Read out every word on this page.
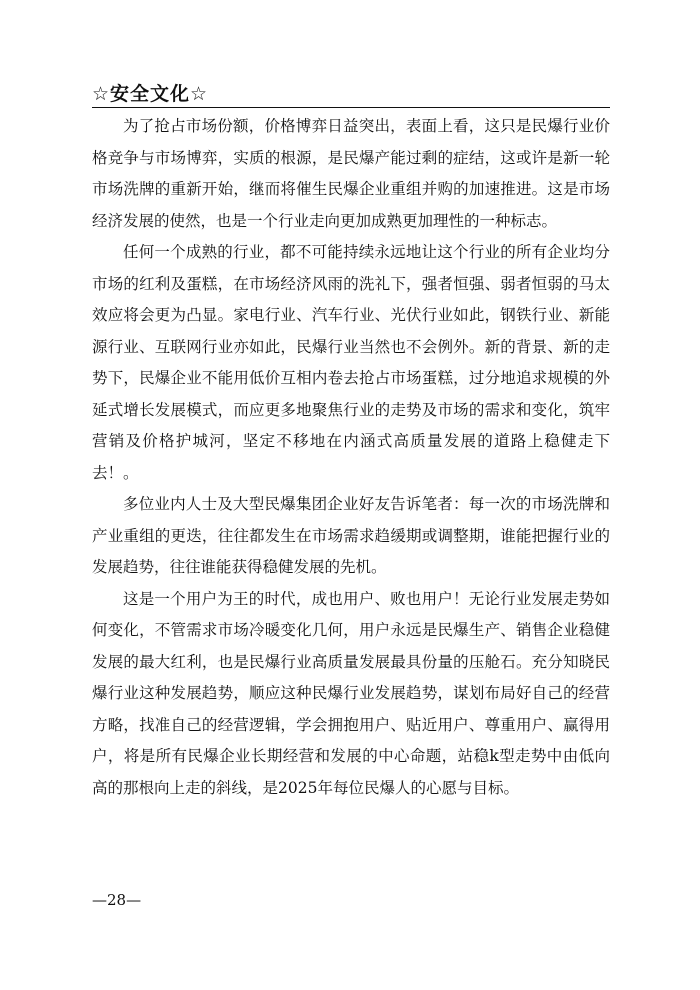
☆安全文化☆

为了抢占市场份额，价格博弈日益突出，表面上看，这只是民爆行业价格竞争与市场博弈，实质的根源，是民爆产能过剩的症结，这或许是新一轮市场洗牌的重新开始，继而将催生民爆企业重组并购的加速推进。这是市场经济发展的使然，也是一个行业走向更加成熟更加理性的一种标志。

任何一个成熟的行业，都不可能持续永远地让这个行业的所有企业均分市场的红利及蛋糕，在市场经济风雨的洗礼下，强者恒强、弱者恒弱的马太效应将会更为凸显。家电行业、汽车行业、光伏行业如此，钢铁行业、新能源行业、互联网行业亦如此，民爆行业当然也不会例外。新的背景、新的走势下，民爆企业不能用低价互相内卷去抢占市场蛋糕，过分地追求规模的外延式增长发展模式，而应更多地聚焦行业的走势及市场的需求和变化，筑牢营销及价格护城河，坚定不移地在内涵式高质量发展的道路上稳健走下去！。

多位业内人士及大型民爆集团企业好友告诉笔者：每一次的市场洗牌和产业重组的更迭，往往都发生在市场需求趋缓期或调整期，谁能把握行业的发展趋势，往往谁能获得稳健发展的先机。

这是一个用户为王的时代，成也用户、败也用户！无论行业发展走势如何变化，不管需求市场冷暖变化几何，用户永远是民爆生产、销售企业稳健发展的最大红利，也是民爆行业高质量发展最具份量的压舱石。充分知晓民爆行业这种发展趋势，顺应这种民爆行业发展趋势，谋划布局好自己的经营方略，找准自己的经营逻辑，学会拥抱用户、贴近用户、尊重用户、赢得用户，将是所有民爆企业长期经营和发展的中心命题，站稳k型走势中由低向高的那根向上走的斜线，是2025年每位民爆人的心愿与目标。

—28—
